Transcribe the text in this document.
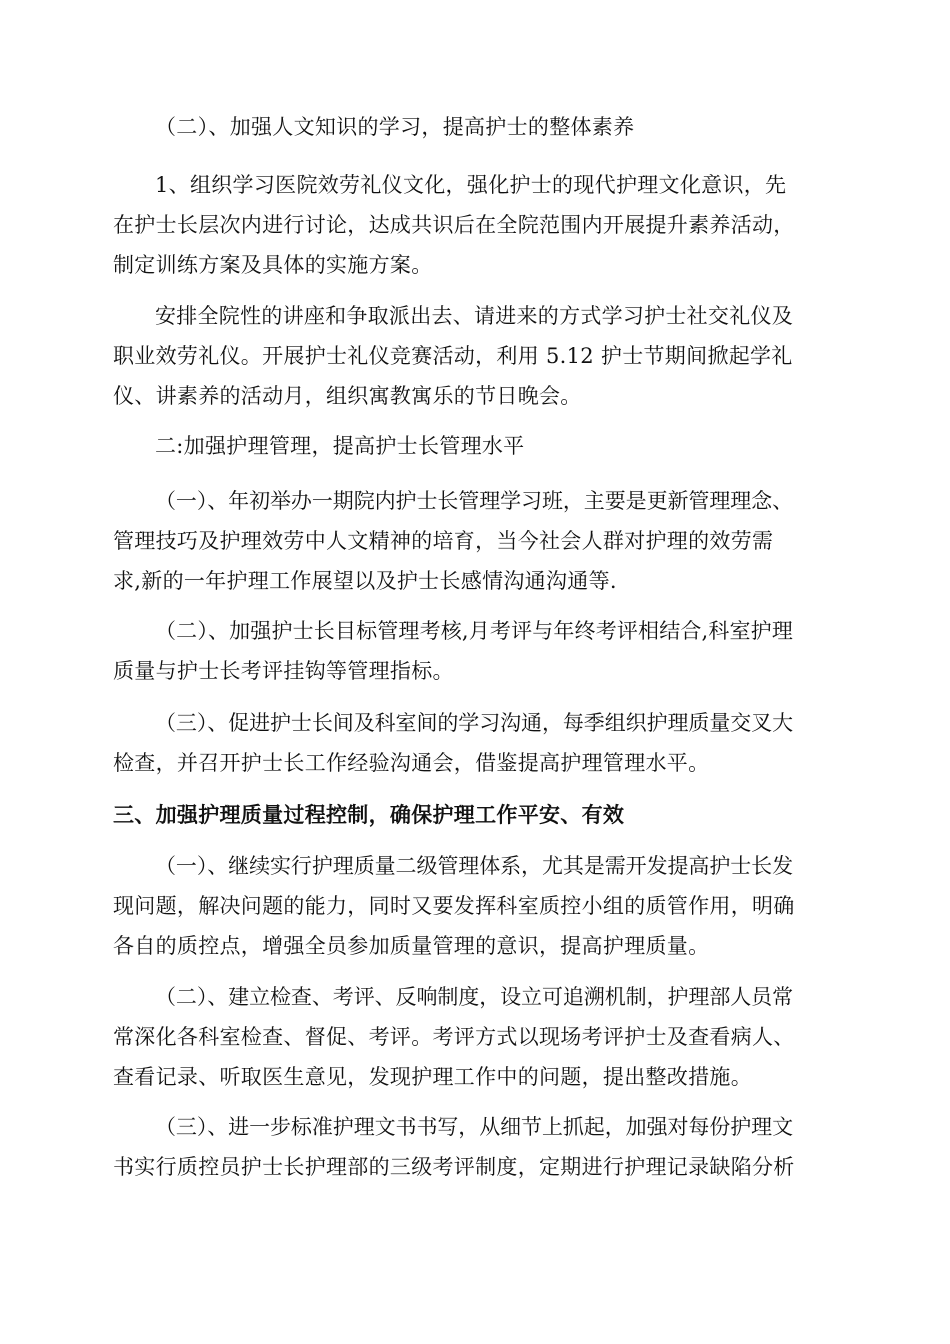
（二）、加强人文知识的学习，提高护士的整体素养

1、组织学习医院效劳礼仪文化，强化护士的现代护理文化意识，先
在护士长层次内进行讨论，达成共识后在全院范围内开展提升素养活动，
制定训练方案及具体的实施方案。

安排全院性的讲座和争取派出去、请进来的方式学习护士社交礼仪及
职业效劳礼仪。开展护士礼仪竞赛活动，利用 5.12 护士节期间掀起学礼
仪、讲素养的活动月，组织寓教寓乐的节日晚会。

二:加强护理管理，提高护士长管理水平

（一）、年初举办一期院内护士长管理学习班，主要是更新管理理念、
管理技巧及护理效劳中人文精神的培育，当今社会人群对护理的效劳需
求,新的一年护理工作展望以及护士长感情沟通沟通等.

（二）、加强护士长目标管理考核,月考评与年终考评相结合,科室护理
质量与护士长考评挂钩等管理指标。

（三）、促进护士长间及科室间的学习沟通，每季组织护理质量交叉大
检查，并召开护士长工作经验沟通会，借鉴提高护理管理水平。

三、加强护理质量过程控制，确保护理工作平安、有效

（一）、继续实行护理质量二级管理体系，尤其是需开发提高护士长发
现问题，解决问题的能力，同时又要发挥科室质控小组的质管作用，明确
各自的质控点，增强全员参加质量管理的意识，提高护理质量。

（二）、建立检查、考评、反响制度，设立可追溯机制，护理部人员常
常深化各科室检查、督促、考评。考评方式以现场考评护士及查看病人、
查看记录、听取医生意见，发现护理工作中的问题，提出整改措施。

（三）、进一步标准护理文书书写，从细节上抓起，加强对每份护理文
书实行质控员护士长护理部的三级考评制度，定期进行护理记录缺陷分析
